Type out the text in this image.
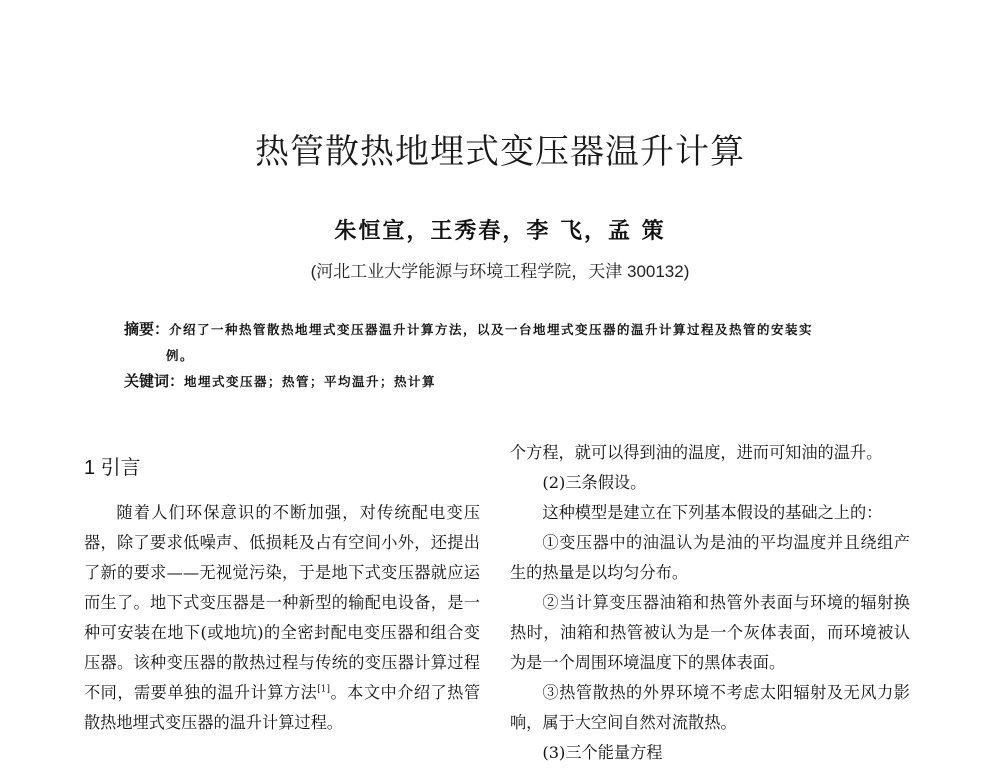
热管散热地埋式变压器温升计算
朱恒宣，王秀春，李 飞，孟 策
(河北工业大学能源与环境工程学院，天津 300132)
摘要：介绍了一种热管散热地埋式变压器温升计算方法，以及一台地埋式变压器的温升计算过程及热管的安装实
例。
关键词：地埋式变压器；热管；平均温升；热计算
1 引言

随着人们环保意识的不断加强，对传统配电变压器，除了要求低噪声、低损耗及占有空间小外，还提出了新的要求——无视觉污染，于是地下式变压器就应运而生了。地下式变压器是一种新型的输配电设备，是一种可安装在地下(或地坑)的全密封配电变压器和组合变压器。该种变压器的散热过程与传统的变压器计算过程不同，需要单独的温升计算方法[1]。本文中介绍了热管散热地埋式变压器的温升计算过程。

个方程，就可以得到油的温度，进而可知油的温升。

(2)三条假设。

这种模型是建立在下列基本假设的基础之上的：

①变压器中的油温认为是油的平均温度并且绕组产生的热量是以均匀分布。

②当计算变压器油箱和热管外表面与环境的辐射换热时，油箱和热管被认为是一个灰体表面，而环境被认为是一个周围环境温度下的黑体表面。

③热管散热的外界环境不考虑太阳辐射及无风力影响，属于大空间自然对流散热。

(3)三个能量方程
